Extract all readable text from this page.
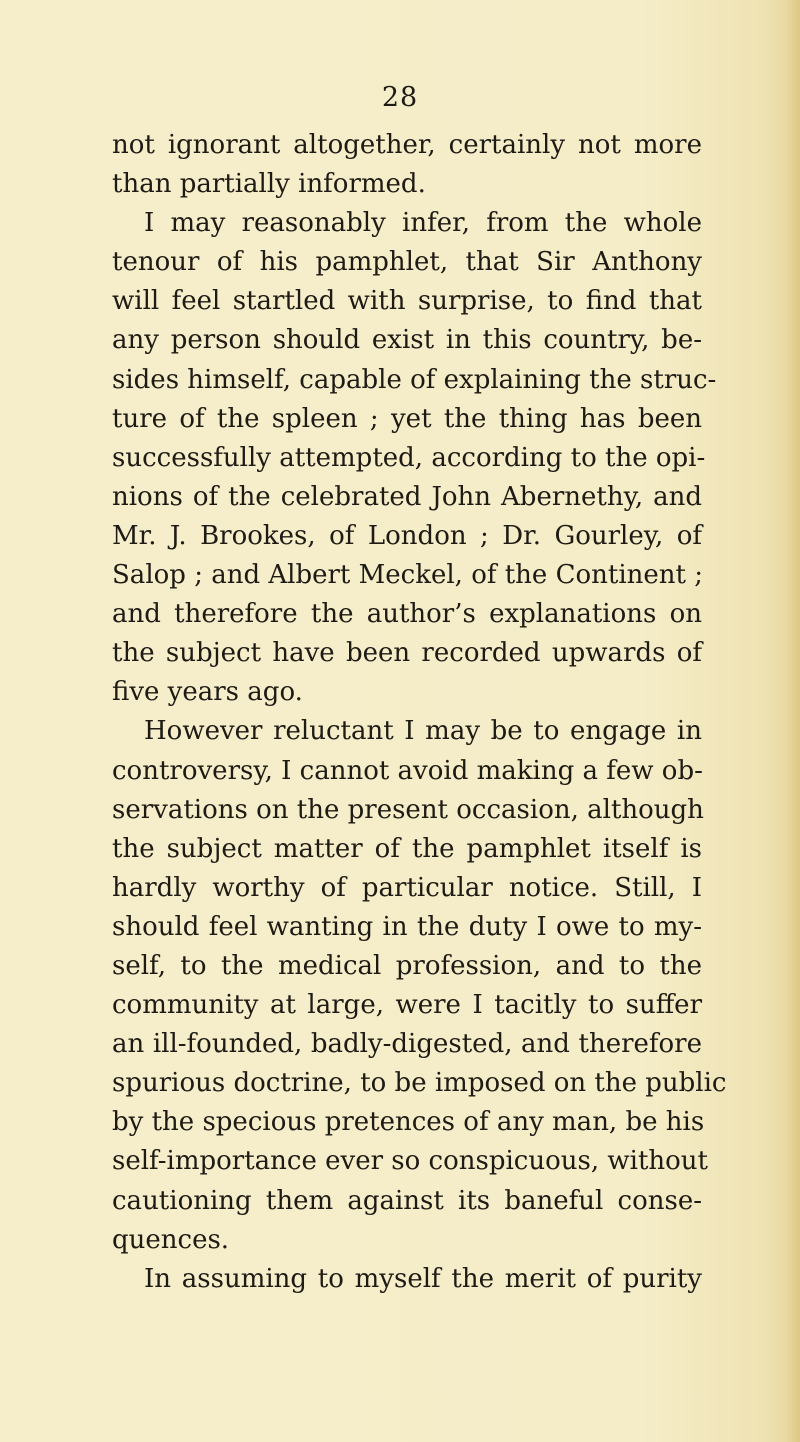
28
not ignorant altogether, certainly not more
than partially informed.
I may reasonably infer, from the whole
tenour of his pamphlet, that Sir Anthony
will feel startled with surprise, to find that
any person should exist in this country, be-
sides himself, capable of explaining the struc-
ture of the spleen ; yet the thing has been
successfully attempted, according to the opi-
nions of the celebrated John Abernethy, and
Mr. J. Brookes, of London ; Dr. Gourley, of
Salop ; and Albert Meckel, of the Continent ;
and therefore the author’s explanations on
the subject have been recorded upwards of
five years ago.
However reluctant I may be to engage in
controversy, I cannot avoid making a few ob-
servations on the present occasion, although
the subject matter of the pamphlet itself is
hardly worthy of particular notice. Still, I
should feel wanting in the duty I owe to my-
self, to the medical profession, and to the
community at large, were I tacitly to suffer
an ill-founded, badly-digested, and therefore
spurious doctrine, to be imposed on the public
by the specious pretences of any man, be his
self-importance ever so conspicuous, without
cautioning them against its baneful conse-
quences.
In assuming to myself the merit of purity
